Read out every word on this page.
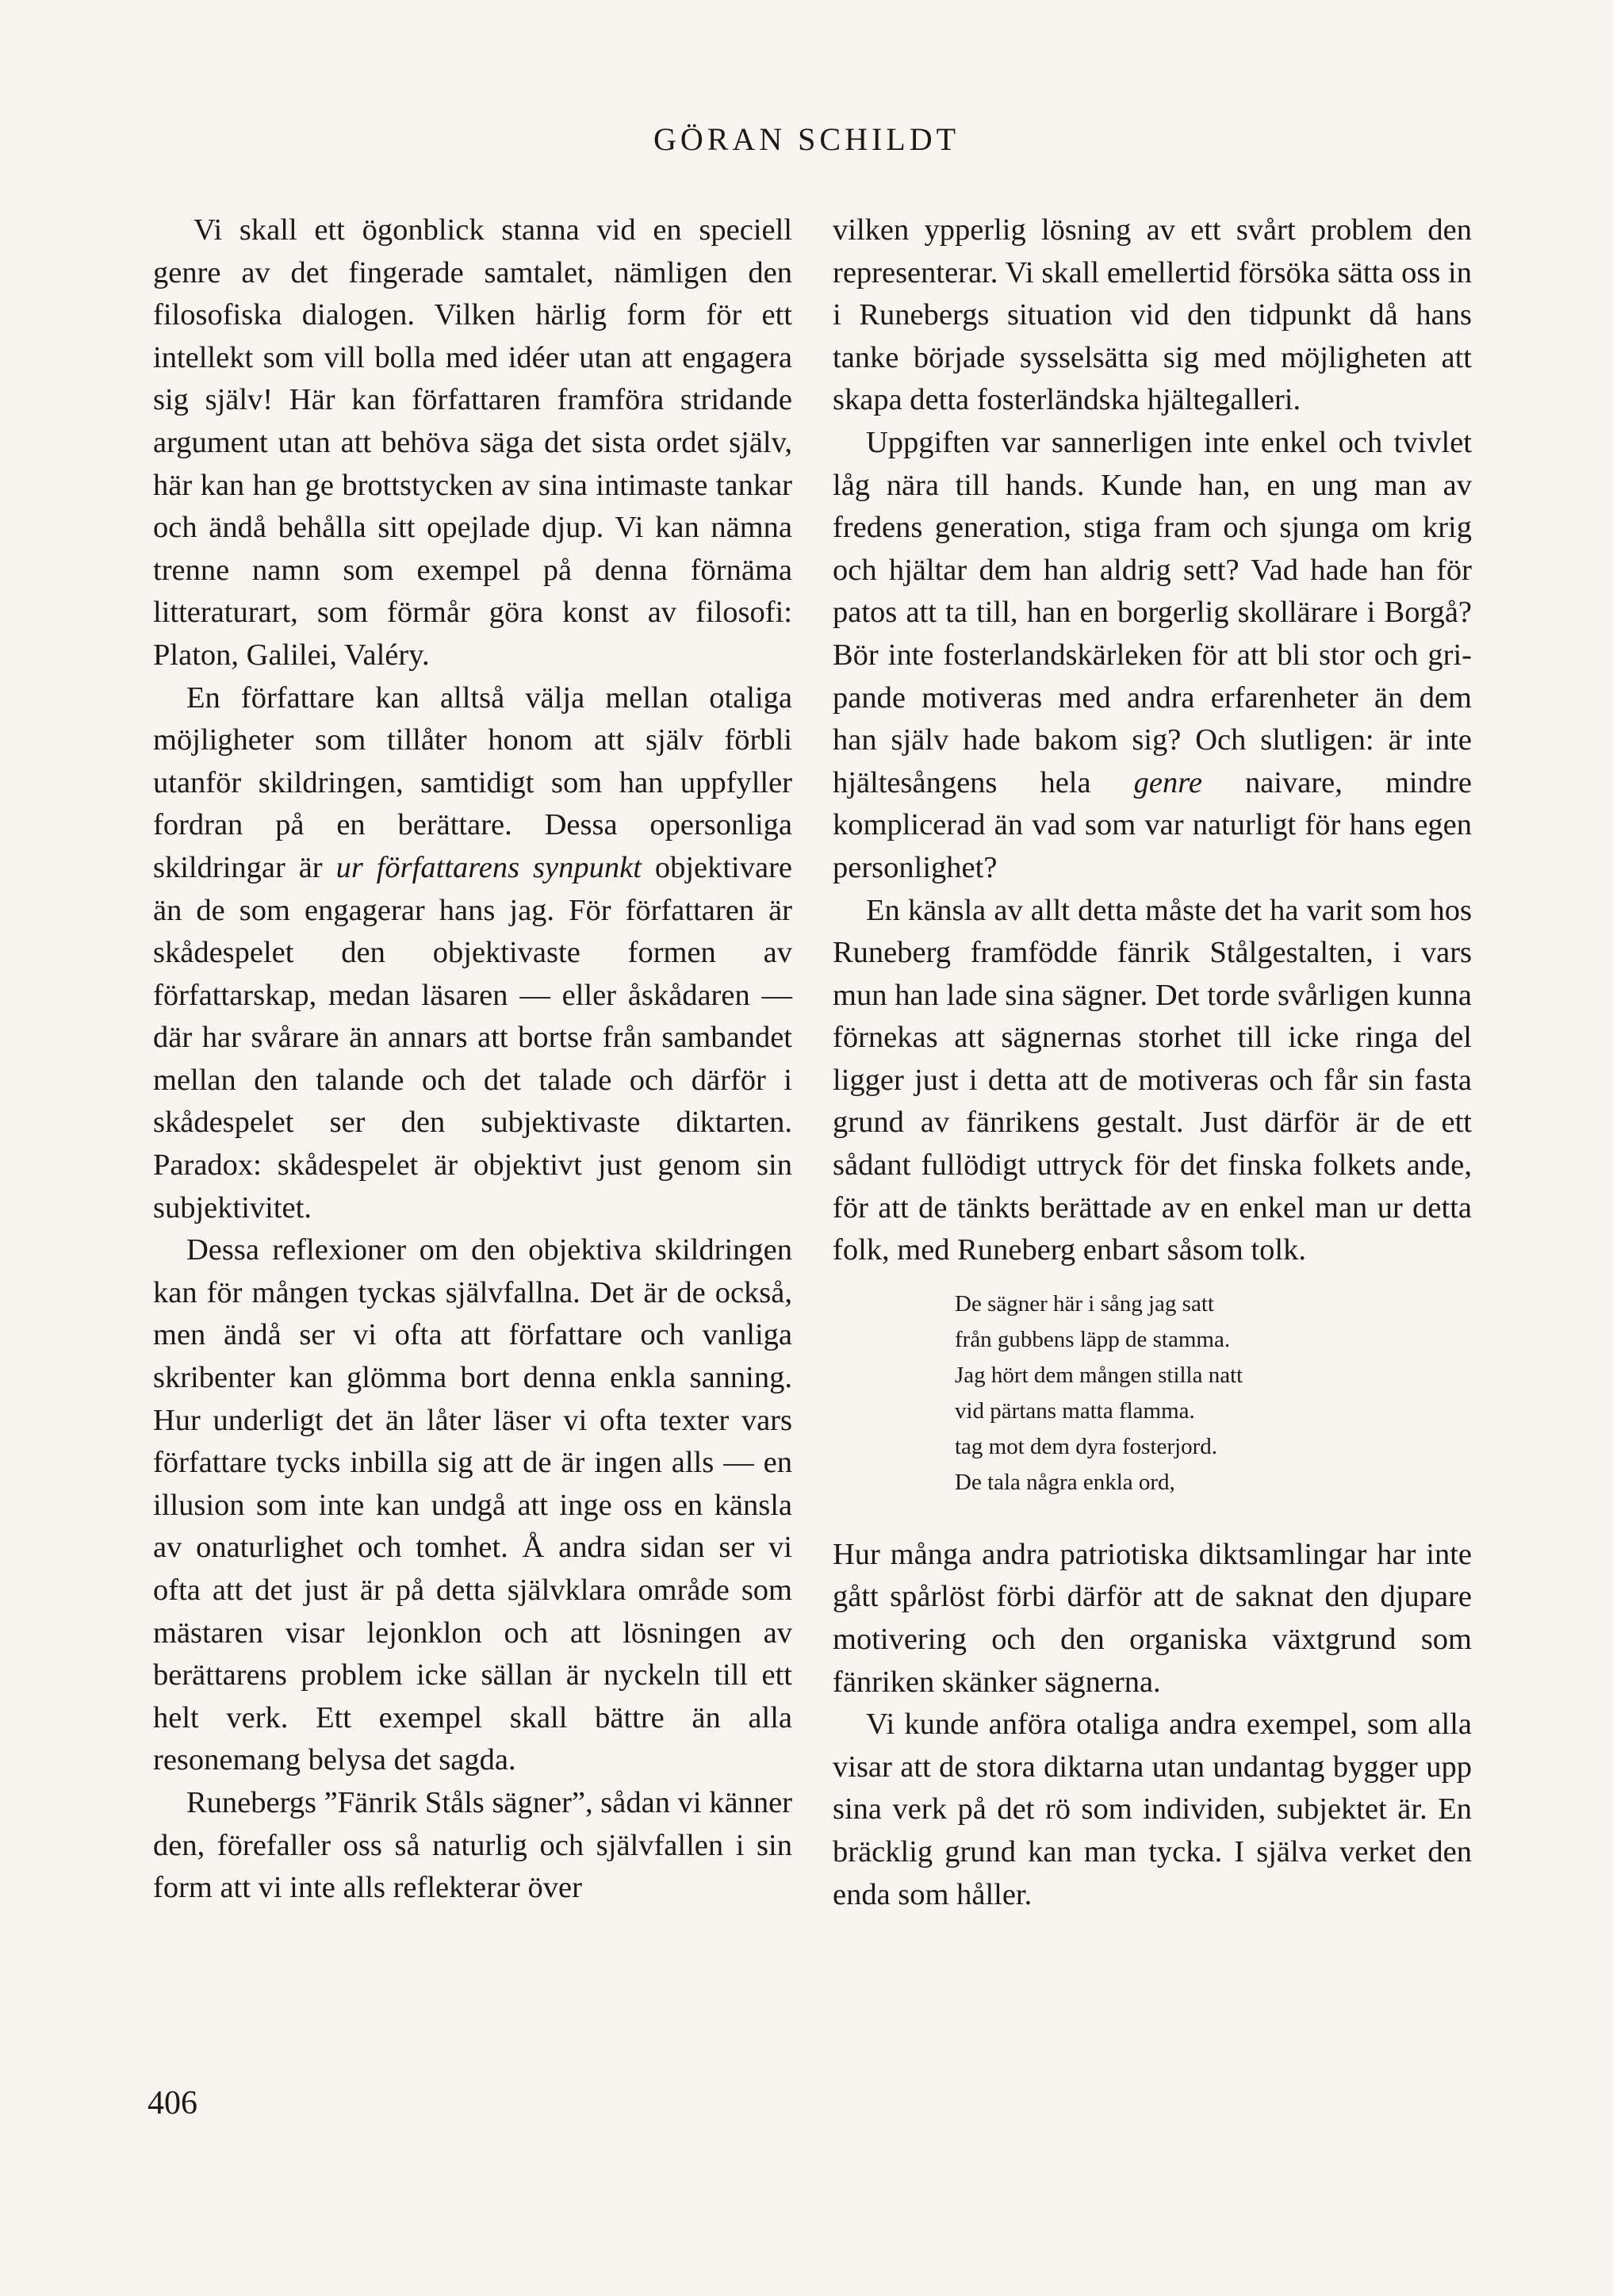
GÖRAN SCHILDT

Vi skall ett ögonblick stanna vid en speciell genre av det fingerade samtalet, nämligen den filosofiska dialogen. Vilken härlig form för ett intellekt som vill bolla med idéer utan att engagera sig själv! Här kan författaren framföra stridande argument utan att behöva säga det sista ordet själv, här kan han ge brottstycken av sina intimaste tankar och ändå behålla sitt opejlade djup. Vi kan nämna trenne namn som exempel på denna förnäma litteraturart, som förmår göra konst av filosofi: Platon, Galilei, Valéry.

En författare kan alltså välja mellan otaliga möjligheter som tillåter honom att själv förbli utanför skildringen, samtidigt som han uppfyller fordran på en berättare. Dessa opersonliga skildringar är ur författarens synpunkt objektivare än de som engagerar hans jag. För författaren är skådespelet den objektivaste formen av författarskap, medan läsaren — eller åskådaren — där har svårare än annars att bortse från sambandet mellan den talande och det talade och därför i skådespelet ser den subjektivaste diktarten. Paradox: skådespelet är objektivt just genom sin subjektivitet.

Dessa reflexioner om den objektiva skildringen kan för mången tyckas självfallna. Det är de också, men ändå ser vi ofta att författare och vanliga skribenter kan glömma bort denna enkla sanning. Hur underligt det än låter läser vi ofta texter vars författare tycks inbilla sig att de är ingen alls — en illusion som inte kan undgå att inge oss en känsla av onaturlighet och tomhet. Å andra sidan ser vi ofta att det just är på detta självklara område som mästaren visar lejonklon och att lösningen av berättarens problem icke sällan är nyckeln till ett helt verk. Ett exempel skall bättre än alla resonemang belysa det sagda.

Runebergs ”Fänrik Ståls sägner”, sådan vi känner den, förefaller oss så naturlig och självfallen i sin form att vi inte alls reflekterar över

vilken ypperlig lösning av ett svårt problem den representerar. Vi skall emellertid försöka sätta oss in i Runebergs situation vid den tidpunkt då hans tanke började sysselsätta sig med möjligheten att skapa detta fosterländska hjältegalleri.

Uppgiften var sannerligen inte enkel och tvivlet låg nära till hands. Kunde han, en ung man av fredens generation, stiga fram och sjunga om krig och hjältar dem han aldrig sett? Vad hade han för patos att ta till, han en borgerlig skollärare i Borgå? Bör inte fosterlandskärleken för att bli stor och gripande motiveras med andra erfarenheter än dem han själv hade bakom sig? Och slutligen: är inte hjältesångens hela genre naivare, mindre komplicerad än vad som var naturligt för hans egen personlighet?

En känsla av allt detta måste det ha varit som hos Runeberg framfödde fänrik Stålgestalten, i vars mun han lade sina sägner. Det torde svårligen kunna förnekas att sägnernas storhet till icke ringa del ligger just i detta att de motiveras och får sin fasta grund av fänrikens gestalt. Just därför är de ett sådant fullödigt uttryck för det finska folkets ande, för att de tänkts berättade av en enkel man ur detta folk, med Runeberg enbart såsom tolk.

De sägner här i sång jag satt
från gubbens läpp de stamma.
Jag hört dem mången stilla natt
vid pärtans matta flamma.
tag mot dem dyra fosterjord.
De tala några enkla ord,

Hur många andra patriotiska diktsamlingar har inte gått spårlöst förbi därför att de saknat den djupare motivering och den organiska växtgrund som fänriken skänker sägnerna.

Vi kunde anföra otaliga andra exempel, som alla visar att de stora diktarna utan undantag bygger upp sina verk på det rö som individen, subjektet är. En bräcklig grund kan man tycka. I själva verket den enda som håller.

406
